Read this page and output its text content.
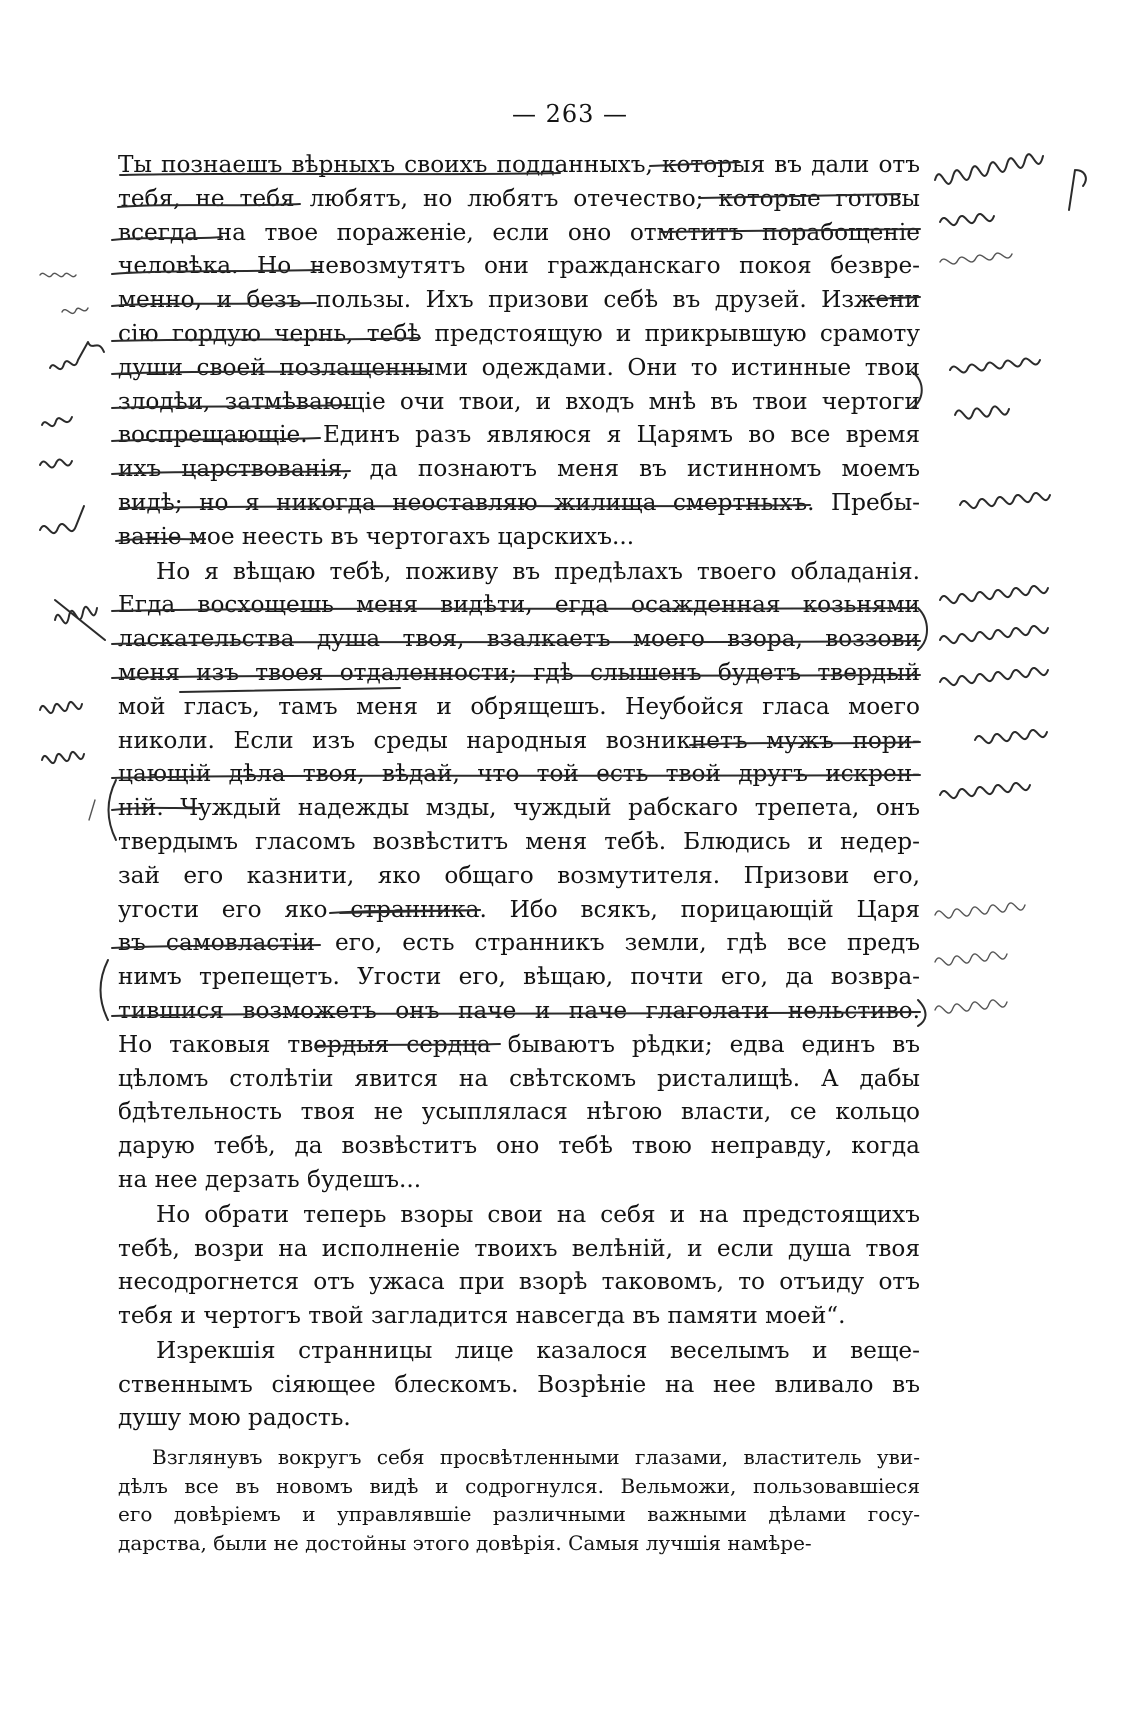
— 263 —
Ты познаешъ вѣрныхъ своихъ подданныхъ, которыя въ дали отъ
тебя, не тебя любятъ, но любятъ отечество; которые готовы
всегда на твое пораженіе, если оно отмститъ порабощеніе
человѣка. Но невозмутятъ они гражданскаго покоя безвре-
менно, и безъ пользы. Ихъ призови себѣ въ друзей. Изжени
сію гордую чернь, тебѣ предстоящую и прикрывшую срамоту
души своей позлащенными одеждами. Они то истинные твои
злодѣи, затмѣвающіе очи твои, и входъ мнѣ въ твои чертоги
воспрещающіе. Единъ разъ являюся я Царямъ во все время
ихъ царствованія, да познаютъ меня въ истинномъ моемъ
видѣ; но я никогда неоставляю жилища смертныхъ. Пребы-
ваніе мое неесть въ чертогахъ царскихъ...
Но я вѣщаю тебѣ, поживу въ предѣлахъ твоего обладанія.
Егда восхощешь меня видѣти, егда осажденная козьнями
ласкательства душа твоя, взалкаетъ моего взора, воззови
меня изъ твоея отдаленности; гдѣ слышенъ будетъ твердый
мой гласъ, тамъ меня и обрящешъ. Неубойся гласа моего
николи. Если изъ среды народныя возникнетъ мужъ пори-
цающій дѣла твоя, вѣдай, что той есть твой другъ искрен-
ній. Чуждый надежды мзды, чуждый рабскаго трепета, онъ
твердымъ гласомъ возвѣститъ меня тебѣ. Блюдись и недер-
зай его казнити, яко общаго возмутителя. Призови его,
угости его яко странника. Ибо всякъ, порицающій Царя
въ самовластіи его, есть странникъ земли, гдѣ все предъ
нимъ трепещетъ. Угости его, вѣщаю, почти его, да возвра-
тившися возможетъ онъ паче и паче глаголати нельстиво.
Но таковыя твердыя сердца бываютъ рѣдки; едва единъ въ
цѣломъ столѣтіи явится на свѣтскомъ ристалищѣ. А дабы
бдѣтельность твоя не усыплялася нѣгою власти, се кольцо
дарую тебѣ, да возвѣститъ оно тебѣ твою неправду, когда
на нее дерзать будешъ...
Но обрати теперь взоры свои на себя и на предстоящихъ
тебѣ, возри на исполненіе твоихъ велѣній, и если душа твоя
несодрогнется отъ ужаса при взорѣ таковомъ, то отъиду отъ
тебя и чертогъ твой загладится навсегда въ памяти моей“.
Изрекшія странницы лице казалося веселымъ и веще-
ственнымъ сіяющее блескомъ. Возрѣніе на нее вливало въ
душу мою радость.
Взглянувъ вокругъ себя просвѣтленными глазами, властитель уви-
дѣлъ все въ новомъ видѣ и содрогнулся. Вельможи, пользовавшіеся
его довѣріемъ и управлявшіе различными важными дѣлами госу-
дарства, были не достойны этого довѣрія. Самыя лучшія намѣре-
